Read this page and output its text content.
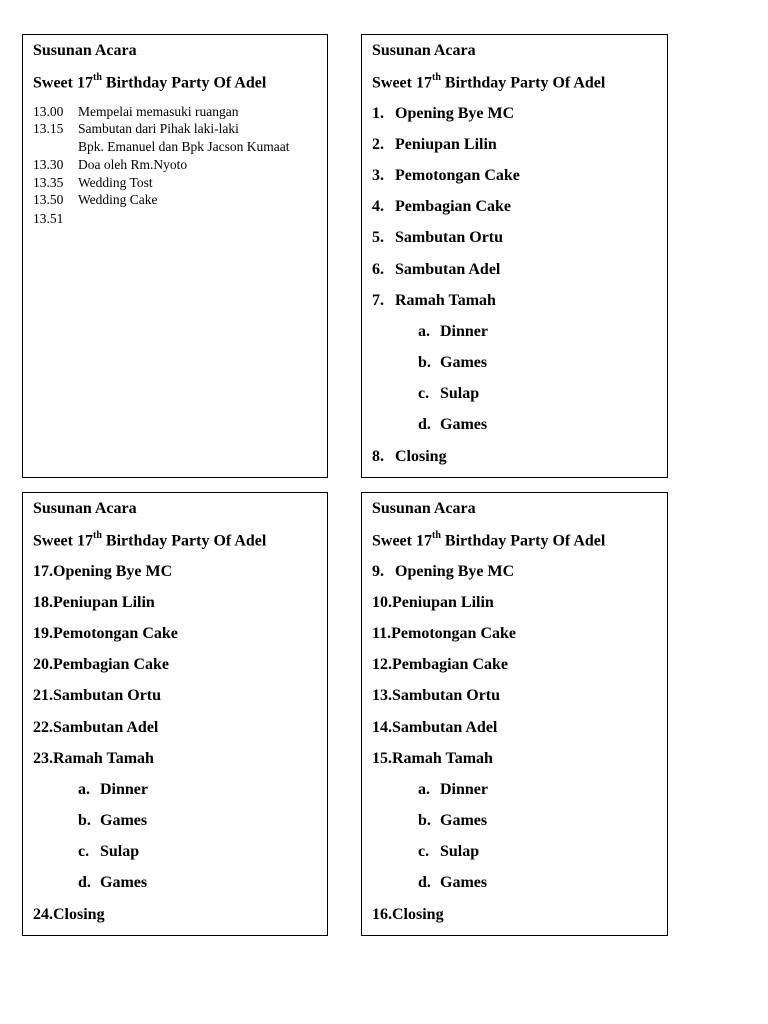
Susunan Acara
Sweet 17th Birthday Party Of Adel
13.00 Mempelai memasuki ruangan
13.15 Sambutan dari Pihak laki-laki
Bpk. Emanuel dan Bpk Jacson Kumaat
13.30 Doa oleh Rm.Nyoto
13.35 Wedding Tost
13.50 Wedding Cake
13.51
Susunan Acara
Sweet 17th Birthday Party Of Adel
1. Opening Bye MC
2. Peniupan Lilin
3. Pemotongan Cake
4. Pembagian Cake
5. Sambutan Ortu
6. Sambutan Adel
7. Ramah Tamah
a. Dinner
b. Games
c. Sulap
d. Games
8. Closing
Susunan Acara
Sweet 17th Birthday Party Of Adel
17.Opening Bye MC
18.Peniupan Lilin
19.Pemotongan Cake
20.Pembagian Cake
21.Sambutan Ortu
22.Sambutan Adel
23.Ramah Tamah
a. Dinner
b. Games
c. Sulap
d. Games
24.Closing
Susunan Acara
Sweet 17th Birthday Party Of Adel
9. Opening Bye MC
10.Peniupan Lilin
11.Pemotongan Cake
12.Pembagian Cake
13.Sambutan Ortu
14.Sambutan Adel
15.Ramah Tamah
a. Dinner
b. Games
c. Sulap
d. Games
16.Closing
